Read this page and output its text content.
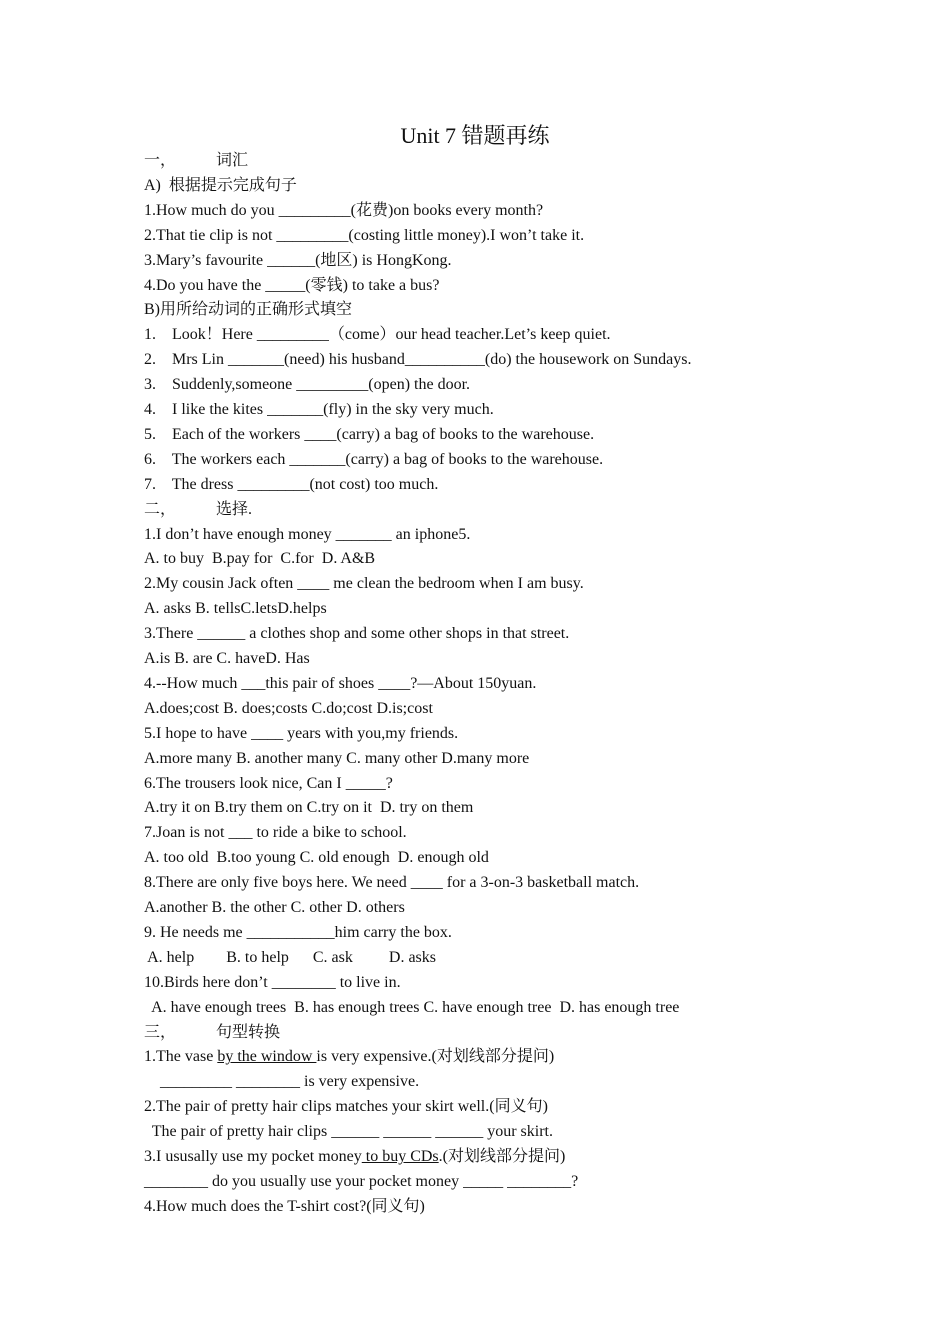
Unit 7 错题再练
一，          词汇
A)  根据提示完成句子
1.How much do you _________(花费)on books every month?
2.That tie clip is not _________(costing little money).I won’t take it.
3.Mary’s favourite ______(地区) is HongKong.
4.Do you have the _____(零钱) to take a bus?
B)用所给动词的正确形式填空
1.    Look！Here _________（come）our head teacher.Let’s keep quiet.
2.    Mrs Lin _______(need) his husband__________(do) the housework on Sundays.
3.    Suddenly,someone _________(open) the door.
4.    I like the kites _______(fly) in the sky very much.
5.    Each of the workers ____(carry) a bag of books to the warehouse.
6.    The workers each _______(carry) a bag of books to the warehouse.
7.    The dress _________(not cost) too much.
二，          选择.
1.I don’t have enough money _______ an iphone5.
A. to buy  B.pay for  C.for  D. A&B
2.My cousin Jack often ____ me clean the bedroom when I am busy.
A. asks B. tellsC.letsD.helps
3.There ______ a clothes shop and some other shops in that street.
A.is B. are C. haveD. Has
4.--How much ___this pair of shoes ____?—About 150yuan.
A.does;cost B. does;costs C.do;cost D.is;cost
5.I hope to have ____ years with you,my friends.
A.more many B. another many C. many other D.many more
6.The trousers look nice, Can I _____?
A.try it on B.try them on C.try on it  D. try on them
7.Joan is not ___ to ride a bike to school.
A. too old  B.too young C. old enough  D. enough old
8.There are only five boys here. We need ____ for a 3-on-3 basketball match.
A.another B. the other C. other D. others
9. He needs me ___________him carry the box.
A. help        B. to help      C. ask         D. asks
10.Birds here don’t ________ to live in.
A. have enough trees  B. has enough trees C. have enough tree  D. has enough tree
三，          句型转换
1.The vase by the window is very expensive.(对划线部分提问)
_________ ________ is very expensive.
2.The pair of pretty hair clips matches your skirt well.(同义句)
The pair of pretty hair clips ______ ______ ______ your skirt.
3.I ususally use my pocket money to buy CDs.(对划线部分提问)
________ do you usually use your pocket money _____ ________?
4.How much does the T-shirt cost?(同义句)
